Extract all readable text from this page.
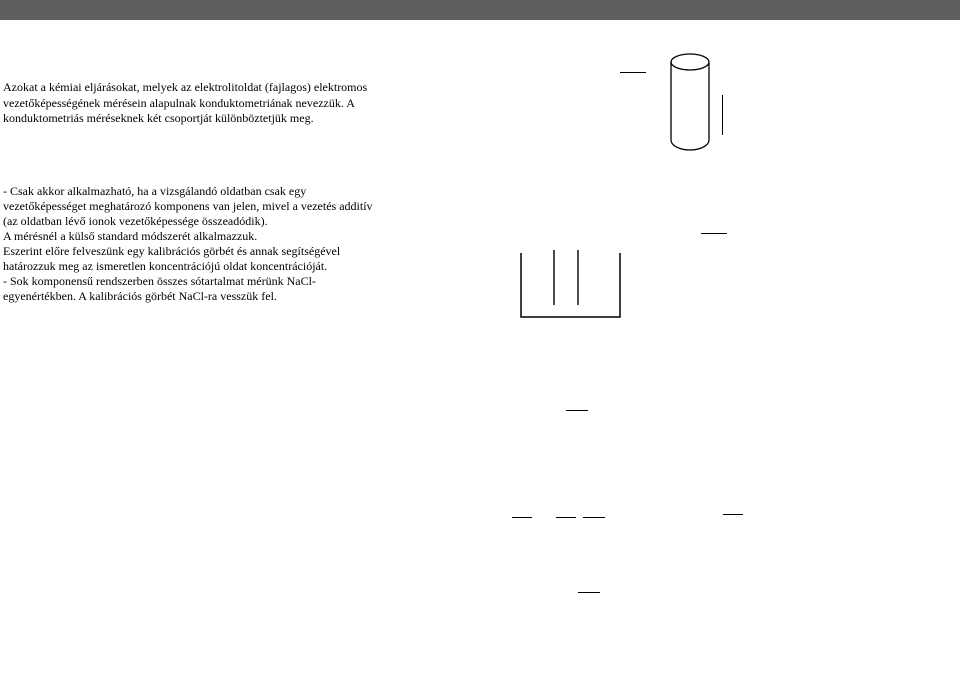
Azokat a kémiai eljárásokat, melyek az elektrolitoldat (fajlagos) elektromos
vezetőképességének mérésein alapulnak konduktometriának nevezzük. A
konduktometriás méréseknek két csoportját különböztetjük meg.
- Csak akkor alkalmazható, ha a vizsgálandó oldatban csak egy
vezetőképességet meghatározó komponens van jelen, mivel a vezetés additív
(az oldatban lévő ionok vezetőképessége összeadódik).
A mérésnél a külső standard módszerét alkalmazzuk.
Eszerint előre felveszünk egy kalibrációs görbét és annak segítségével
határozzuk meg az ismeretlen koncentrációjú oldat koncentrációját.
- Sok komponensű rendszerben összes sótartalmat mérünk NaCl-
egyenértékben. A kalibrációs görbét NaCl-ra vesszük fel.
